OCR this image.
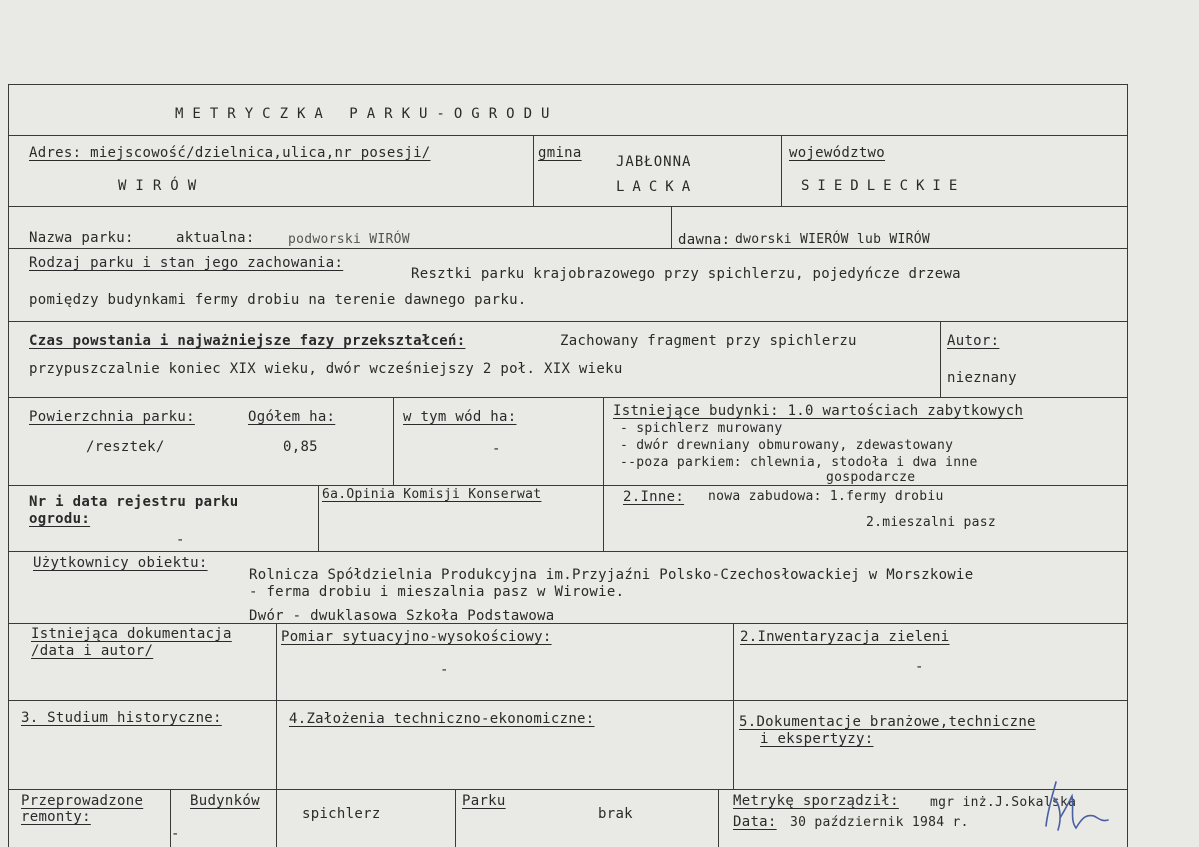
METRYCZKA PARKU-OGRODU
Adres: miejscowość/dzielnica,ulica,nr posesji/
WIRÓW
gmina
JABŁONNA
LACKA
województwo
SIEDLECKIE
Nazwa parku:	aktualna:	podworski WIRÓW	dawna: dworski WIERÓW lub WIRÓW
Rodzaj parku i stan jego zachowania:
Resztki parku krajobrazowego przy spichlerzu, pojedyńcze drzewa
pomiędzy budynkami fermy drobiu na terenie dawnego parku.
Czas powstania i najważniejsze fazy przekształceń:	Zachowany fragment przy spichlerzu
przypuszczalnie koniec XIX wieku, dwór wcześniejszy 2 poł. XIX wieku
Autor:
nieznany
Powierzchnia parku:	Ogółem ha:
/resztek/	0,85
w tym wód ha:
-
Istniejące budynki: 1.0 wartościach zabytkowych
- spichlerz murowany
- dwór drewniany obmurowany, zdewastowany
--poza parkiem: chlewnia, stodoła i dwa inne
gospodarcze
Nr i data rejestru parku
ogrodu:
-
6a.Opinia Komisji Konserwat	2.Inne: nowa zabudowa: 1.fermy drobiu
2.mieszalni pasz
Użytkownicy obiektu:
Rolnicza Spółdzielnia Produkcyjna im.Przyjaźni Polsko-Czechosłowackiej w Morszkowie
- ferma drobiu i mieszalnia pasz w Wirowie.
Dwór - dwuklasowa Szkoła Podstawowa
Istniejąca dokumentacja
/data i autor/
Pomiar sytuacyjno-wysokościowy:
-
2.Inwentaryzacja zieleni
-
3. Studium historyczne:	4.Założenia techniczno-ekonomiczne:	5.Dokumentacje branżowe,techniczne
i ekspertyzy:
Przeprowadzone
remonty:
-
Budynków
spichlerz
Parku
brak
Metrykę sporządził: mgr inż.J.Sokalska
Data: 30 październik 1984 r.
